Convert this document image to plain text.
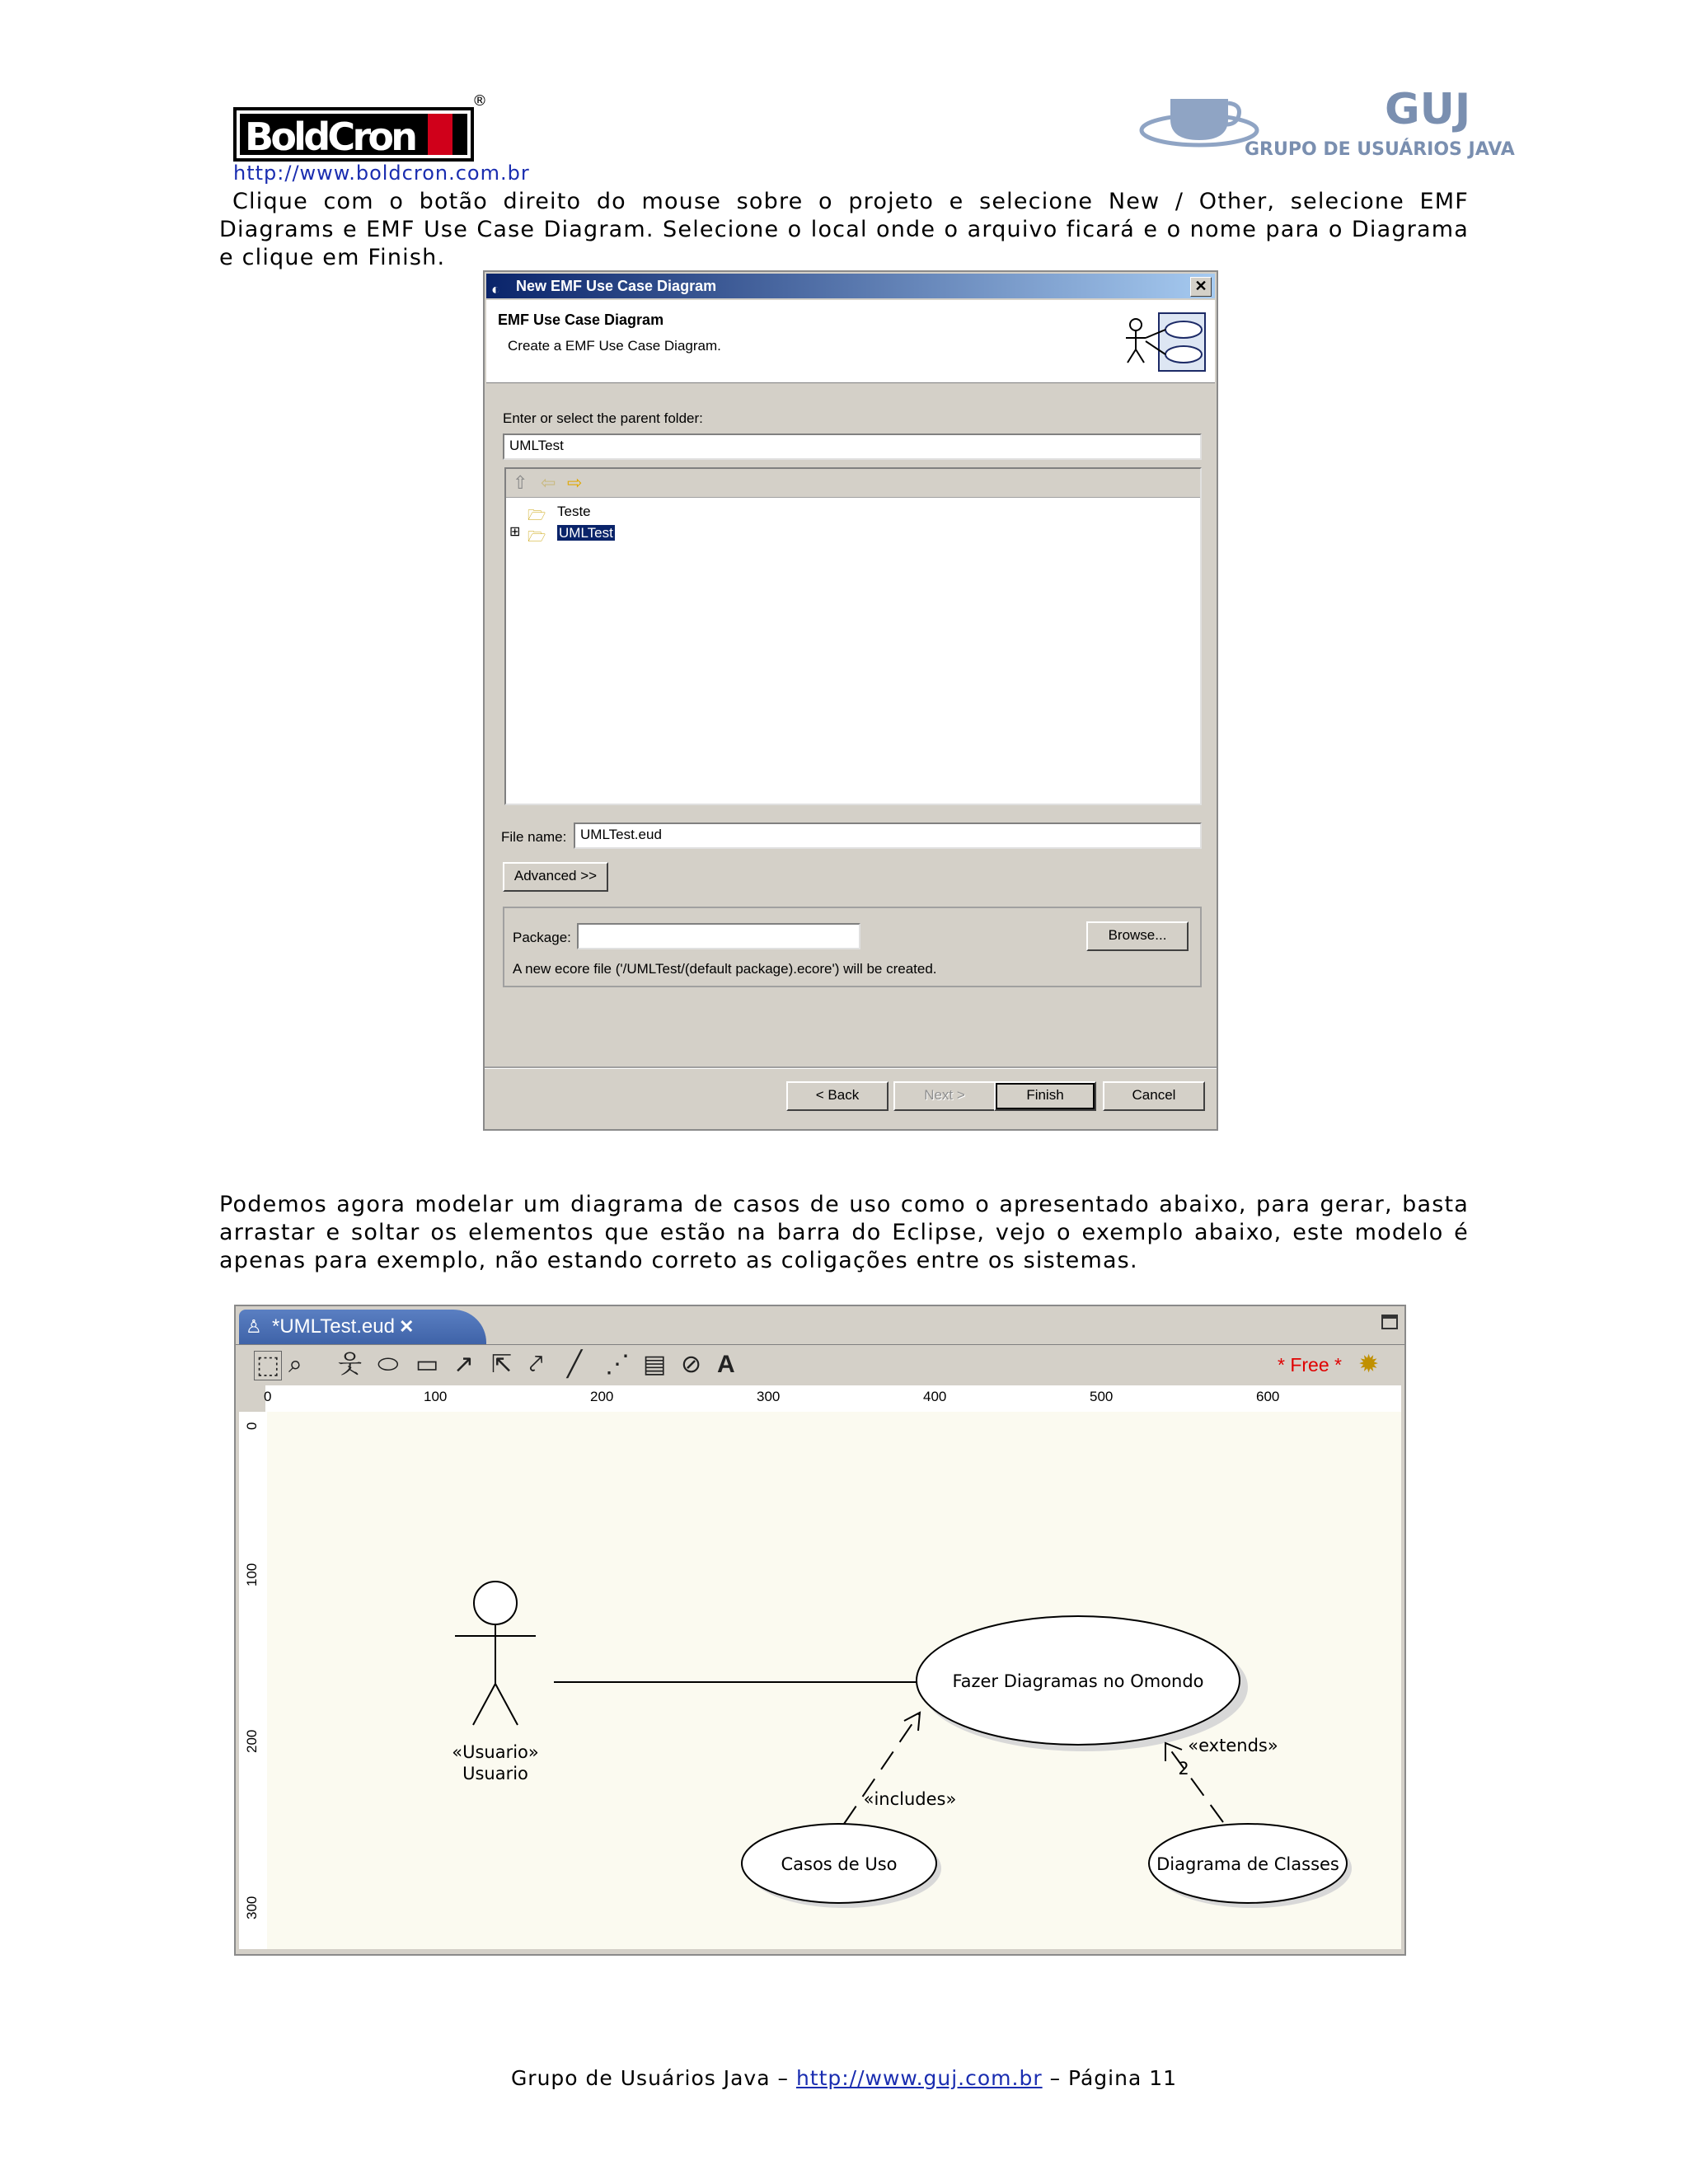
BoldCron
®
http://www.boldcron.com.br
GUJ
GRUPO DE USUÁRIOS JAVA
Clique com o botão direito do mouse sobre o projeto e selecione New / Other, selecione EMF Diagrams e EMF Use Case Diagram. Selecione o local onde o arquivo ficará e o nome para o Diagrama e clique em Finish.
◐ New EMF Use Case Diagram	✕
EMF Use Case Diagram
Create a EMF Use Case Diagram.
Enter or select the parent folder:
UMLTest
⇧ ⇦ ⇨
🗁 Teste
⊞ 🗁 UMLTest
File name: UMLTest.eud
Advanced >>
Package:	Browse...
A new ecore file ('/UMLTest/(default package).ecore') will be created.
< Back	Next >	Finish	Cancel
Podemos agora modelar um diagrama de casos de uso como o apresentado abaixo, para gerar, basta arrastar e soltar os elementos que estão na barra do Eclipse, vejo o exemplo abaixo, este modelo é apenas para exemplo, não estando correto as coligações entre os sistemas.
♙ *UMLTest.eud ✕
⬚ ⌕ 웃 ⬭ ▭ ↗ ⇱ ⤤ ╱ ⋰ ▤ ⊘ A	* Free * ✹
0	100	200	300	400	500	600
0
100
200
300
«Usuario»
Usuario
Fazer Diagramas no Omondo
Casos de Uso	Diagrama de Classes
«includes»
«extends»
2
Grupo de Usuários Java – http://www.guj.com.br – Página 11
